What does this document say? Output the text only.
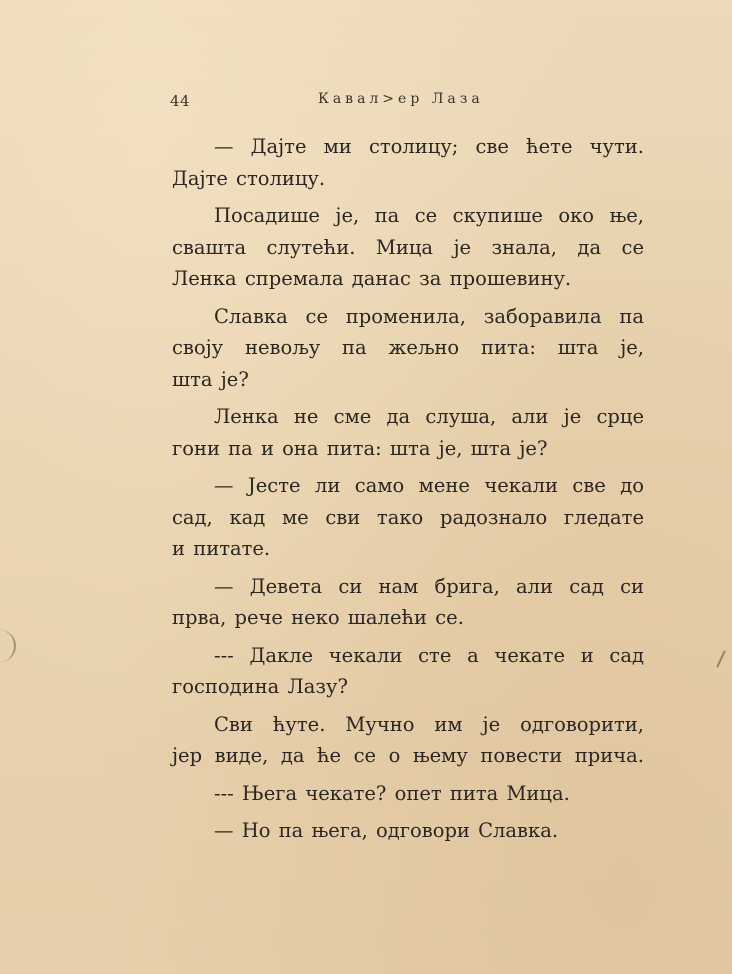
44	Кавал>ер Лаза

— Дајте ми столицу; све ћете чути.
Дајте столицу.

Посадише је, па се скупише око ње,
свашта слутећи. Мица је знала, да се
Ленка спремала данас за прошевину.

Славка се променила, заборавила па
своју невољу па жељно пита: шта је,
шта је?

Ленка не сме да слуша, али је срце
гони па и она пита: шта је, шта је?

— Јесте ли само мене чекали све до
сад, кад ме сви тако радознало гледате
и питате.

— Девета си нам брига, али сад си
прва, рече неко шалећи се.

--- Дакле чекали сте а чекате и сад
господина Лазу?

Сви ћуте. Мучно им је одговорити,
јер виде, да ће се о њему повести прича.

--- Њега чекате? опет пита Мица.

— Но па њега, одговори Славка.
